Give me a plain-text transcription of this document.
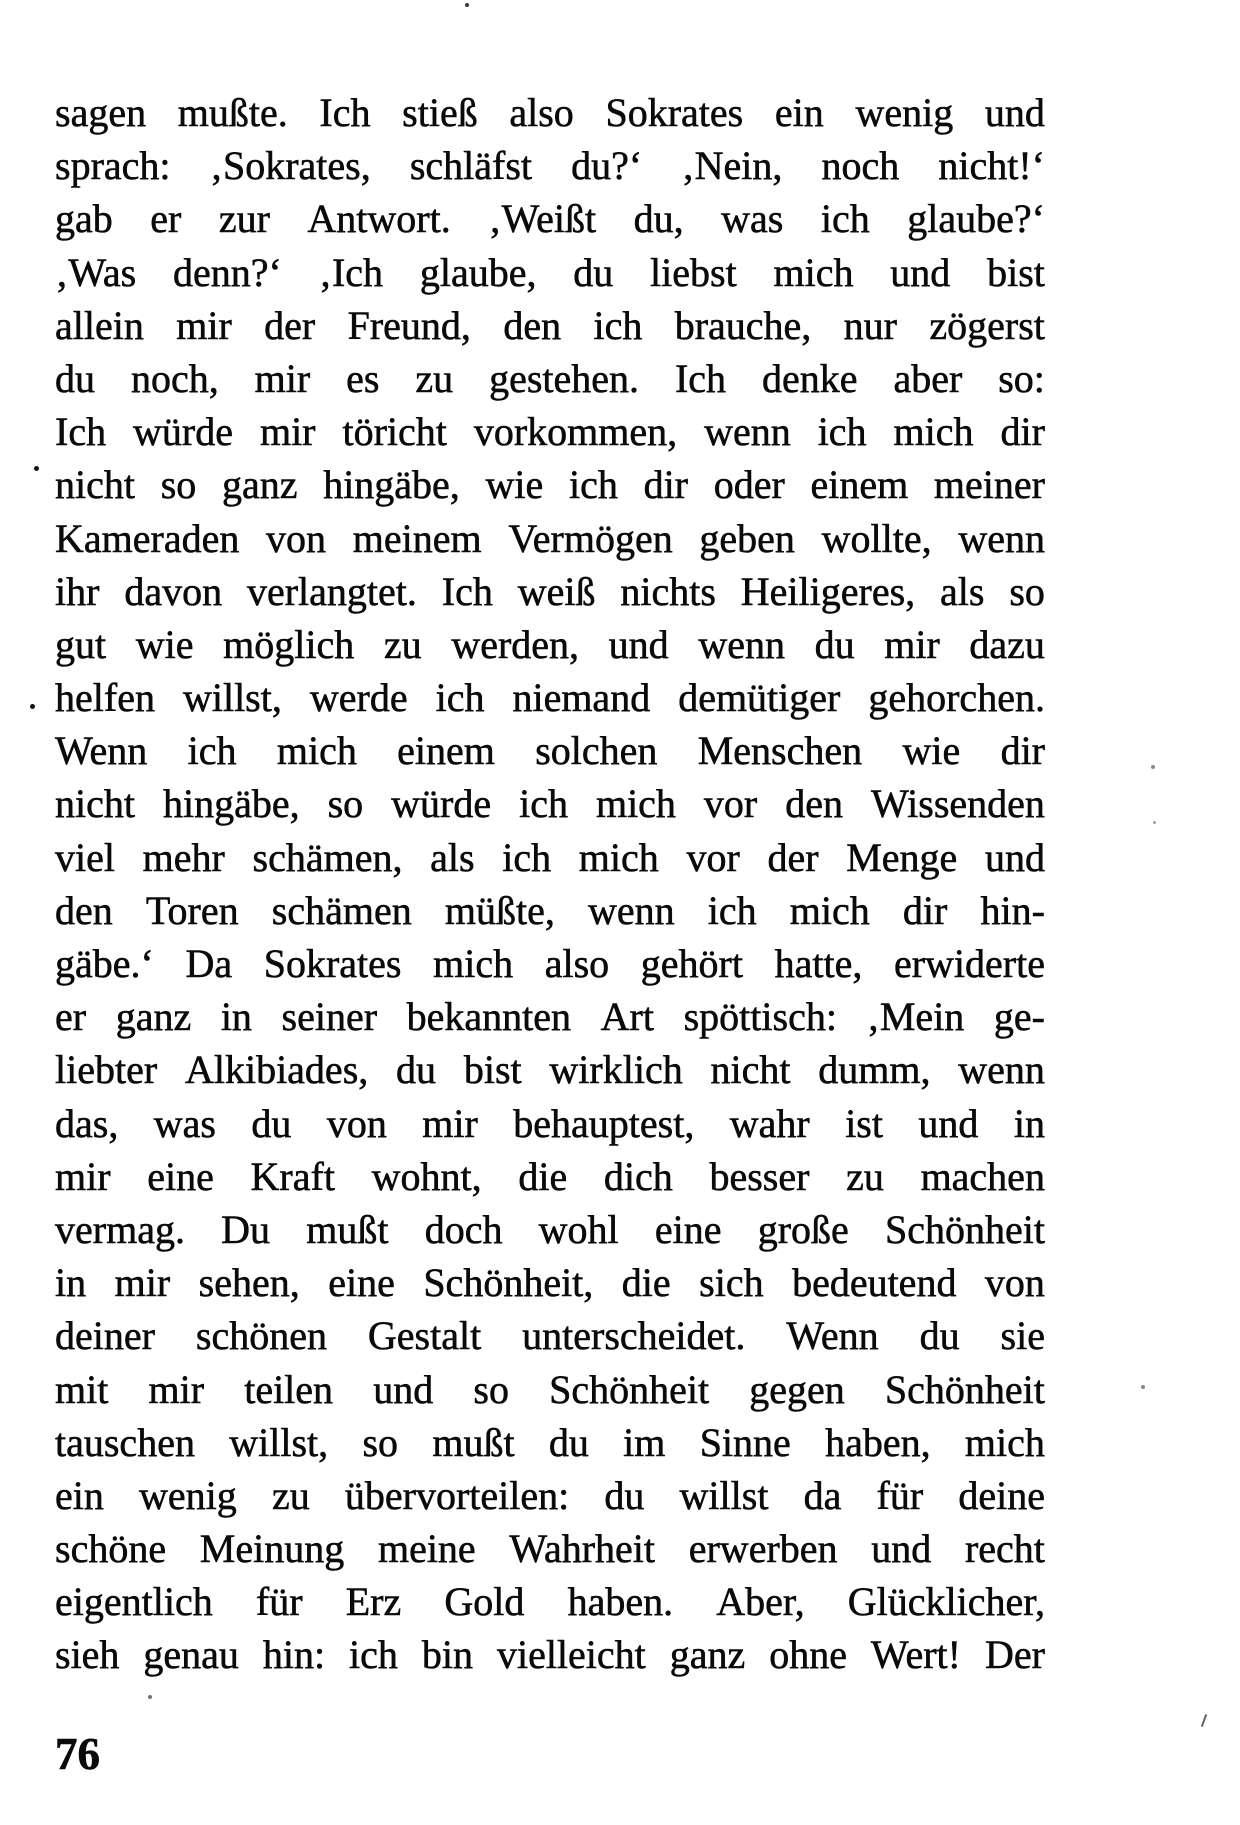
sagen mußte. Ich stieß also Sokrates ein wenig und
sprach: ‚Sokrates, schläfst du?‘ ‚Nein, noch nicht!‘
gab er zur Antwort. ‚Weißt du, was ich glaube?‘
‚Was denn?‘ ‚Ich glaube, du liebst mich und bist
allein mir der Freund, den ich brauche, nur zögerst
du noch, mir es zu gestehen. Ich denke aber so:
Ich würde mir töricht vorkommen, wenn ich mich dir
nicht so ganz hingäbe, wie ich dir oder einem meiner
Kameraden von meinem Vermögen geben wollte, wenn
ihr davon verlangtet. Ich weiß nichts Heiligeres, als so
gut wie möglich zu werden, und wenn du mir dazu
helfen willst, werde ich niemand demütiger gehorchen.
Wenn ich mich einem solchen Menschen wie dir
nicht hingäbe, so würde ich mich vor den Wissenden
viel mehr schämen, als ich mich vor der Menge und
den Toren schämen müßte, wenn ich mich dir hin-
gäbe.‘ Da Sokrates mich also gehört hatte, erwiderte
er ganz in seiner bekannten Art spöttisch: ‚Mein ge-
liebter Alkibiades, du bist wirklich nicht dumm, wenn
das, was du von mir behauptest, wahr ist und in
mir eine Kraft wohnt, die dich besser zu machen
vermag. Du mußt doch wohl eine große Schönheit
in mir sehen, eine Schönheit, die sich bedeutend von
deiner schönen Gestalt unterscheidet. Wenn du sie
mit mir teilen und so Schönheit gegen Schönheit
tauschen willst, so mußt du im Sinne haben, mich
ein wenig zu übervorteilen: du willst da für deine
schöne Meinung meine Wahrheit erwerben und recht
eigentlich für Erz Gold haben. Aber, Glücklicher,
sieh genau hin: ich bin vielleicht ganz ohne Wert! Der
76
